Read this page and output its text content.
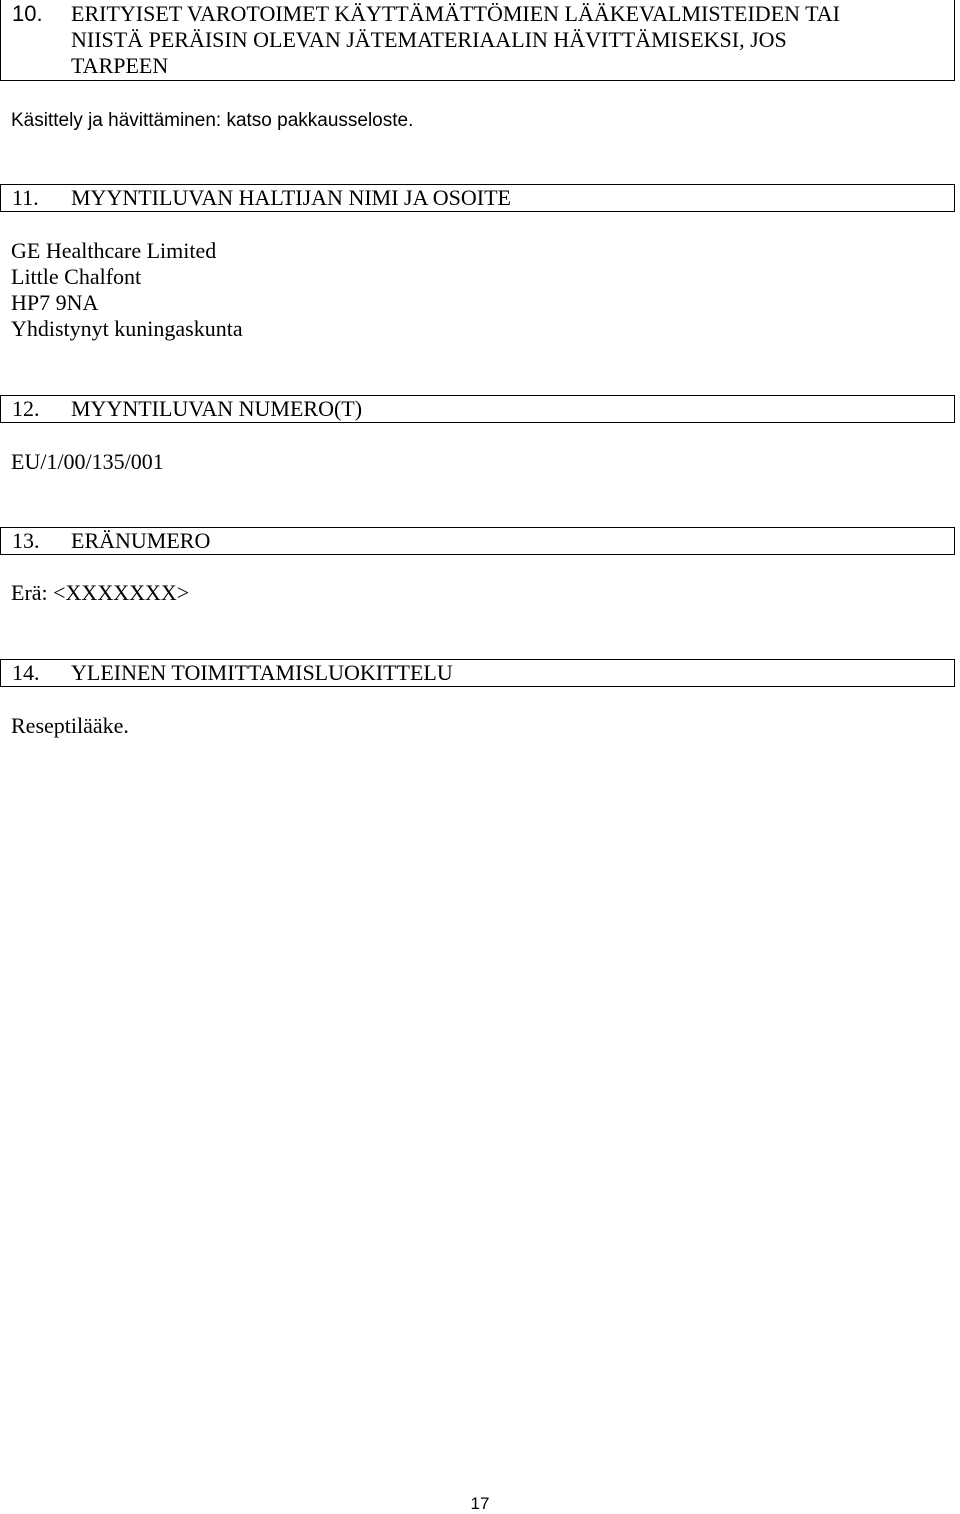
10. ERITYISET VAROTOIMET KÄYTTÄMÄTTÖMIEN LÄÄKEVALMISTEIDEN TAI
NIISTÄ PERÄISIN OLEVAN JÄTEMATERIAALIN HÄVITTÄMISEKSI, JOS
TARPEEN
Käsittely ja hävittäminen: katso pakkausseloste.
11. MYYNTILUVAN HALTIJAN NIMI JA OSOITE
GE Healthcare Limited
Little Chalfont
HP7 9NA
Yhdistynyt kuningaskunta
12. MYYNTILUVAN NUMERO(T)
EU/1/00/135/001
13. ERÄNUMERO
Erä: <XXXXXXX>
14. YLEINEN TOIMITTAMISLUOKITTELU
Reseptilääke.
17
